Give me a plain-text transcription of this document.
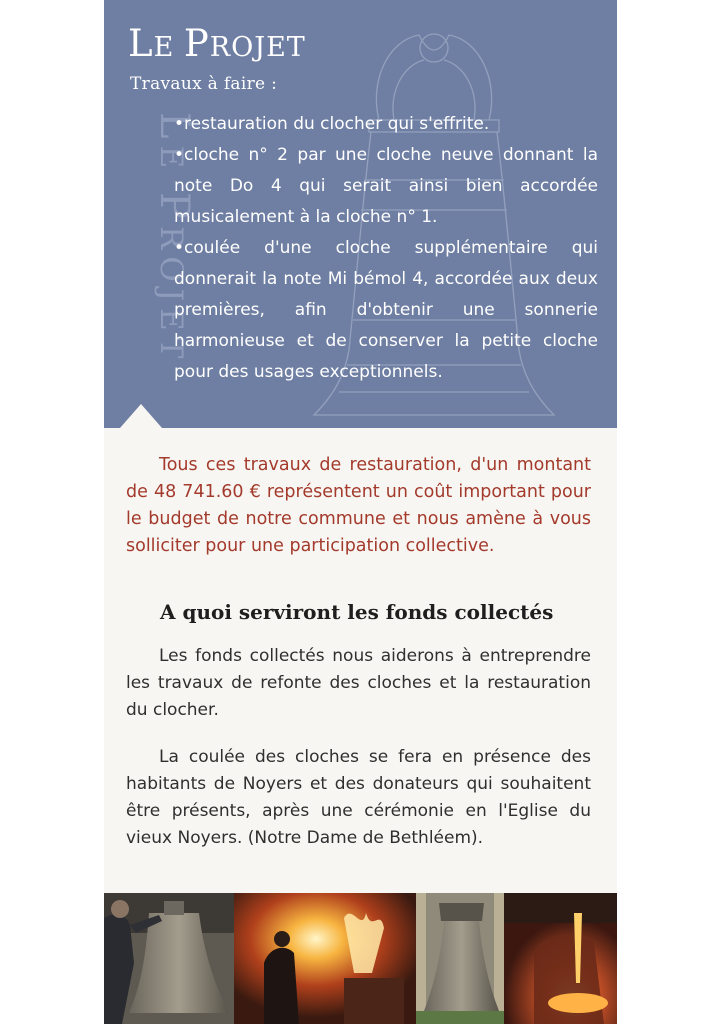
LE PROJET
LE PROJET
Travaux à faire :
•restauration du clocher qui s'effrite.
•cloche n° 2 par une cloche neuve donnant la note Do 4 qui serait ainsi bien accordée musicalement à la cloche n° 1.
•coulée d'une cloche supplémentaire qui donnerait la note Mi bémol 4, accordée aux deux premières, afin d'obtenir une sonnerie harmonieuse et de conserver la petite cloche pour des usages exceptionnels.

Tous ces travaux de restauration, d'un montant de 48 741.60 € représentent un coût important pour le budget de notre commune et nous amène à vous solliciter pour une participation collective.

A quoi serviront les fonds collectés

Les fonds collectés nous aiderons à entreprendre les travaux de refonte des cloches et la restauration du clocher.

La coulée des cloches se fera en présence des habitants de Noyers et des donateurs qui souhaitent être présents, après une cérémonie en l'Eglise du vieux Noyers. (Notre Dame de Bethléem).
